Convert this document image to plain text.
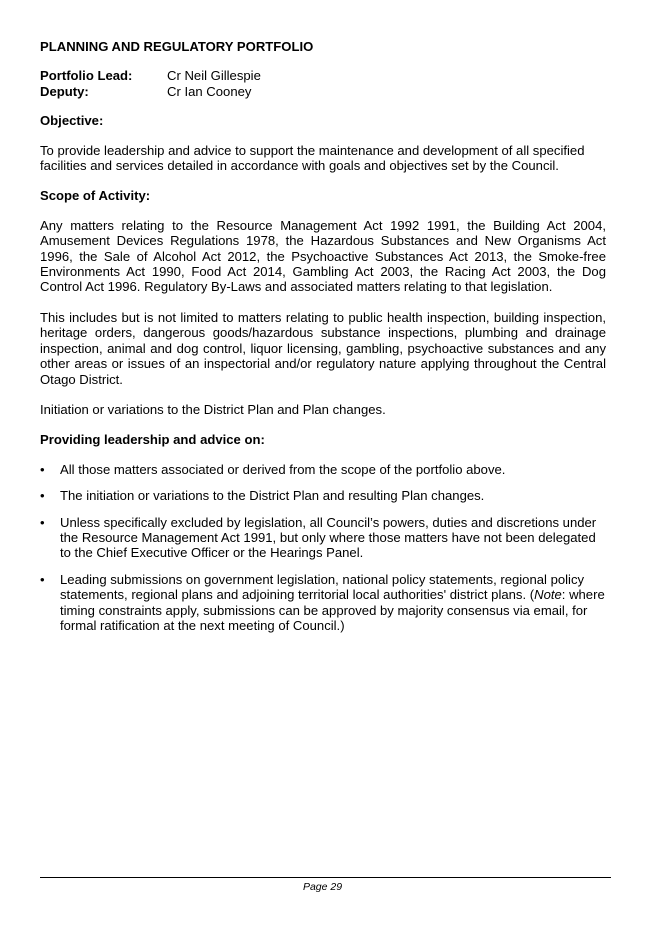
PLANNING AND REGULATORY PORTFOLIO
Portfolio Lead:	Cr Neil Gillespie
Deputy:	Cr Ian Cooney
Objective:

To provide leadership and advice to support the maintenance and development of all specified facilities and services detailed in accordance with goals and objectives set by the Council.

Scope of Activity:

Any matters relating to the Resource Management Act 1992 1991, the Building Act 2004, Amusement Devices Regulations 1978, the Hazardous Substances and New Organisms Act 1996, the Sale of Alcohol Act 2012, the Psychoactive Substances Act 2013, the Smoke-free Environments Act 1990, Food Act 2014, Gambling Act 2003, the Racing Act 2003, the Dog Control Act 1996. Regulatory By-Laws and associated matters relating to that legislation.

This includes but is not limited to matters relating to public health inspection, building inspection, heritage orders, dangerous goods/hazardous substance inspections, plumbing and drainage inspection, animal and dog control, liquor licensing, gambling, psychoactive substances and any other areas or issues of an inspectorial and/or regulatory nature applying throughout the Central Otago District.

Initiation or variations to the District Plan and Plan changes.

Providing leadership and advice on:
• All those matters associated or derived from the scope of the portfolio above.
• The initiation or variations to the District Plan and resulting Plan changes.
• Unless specifically excluded by legislation, all Council’s powers, duties and discretions under the Resource Management Act 1991, but only where those matters have not been delegated to the Chief Executive Officer or the Hearings Panel.
• Leading submissions on government legislation, national policy statements, regional policy statements, regional plans and adjoining territorial local authorities' district plans. (Note: where timing constraints apply, submissions can be approved by majority consensus via email, for formal ratification at the next meeting of Council.)
Page 29
